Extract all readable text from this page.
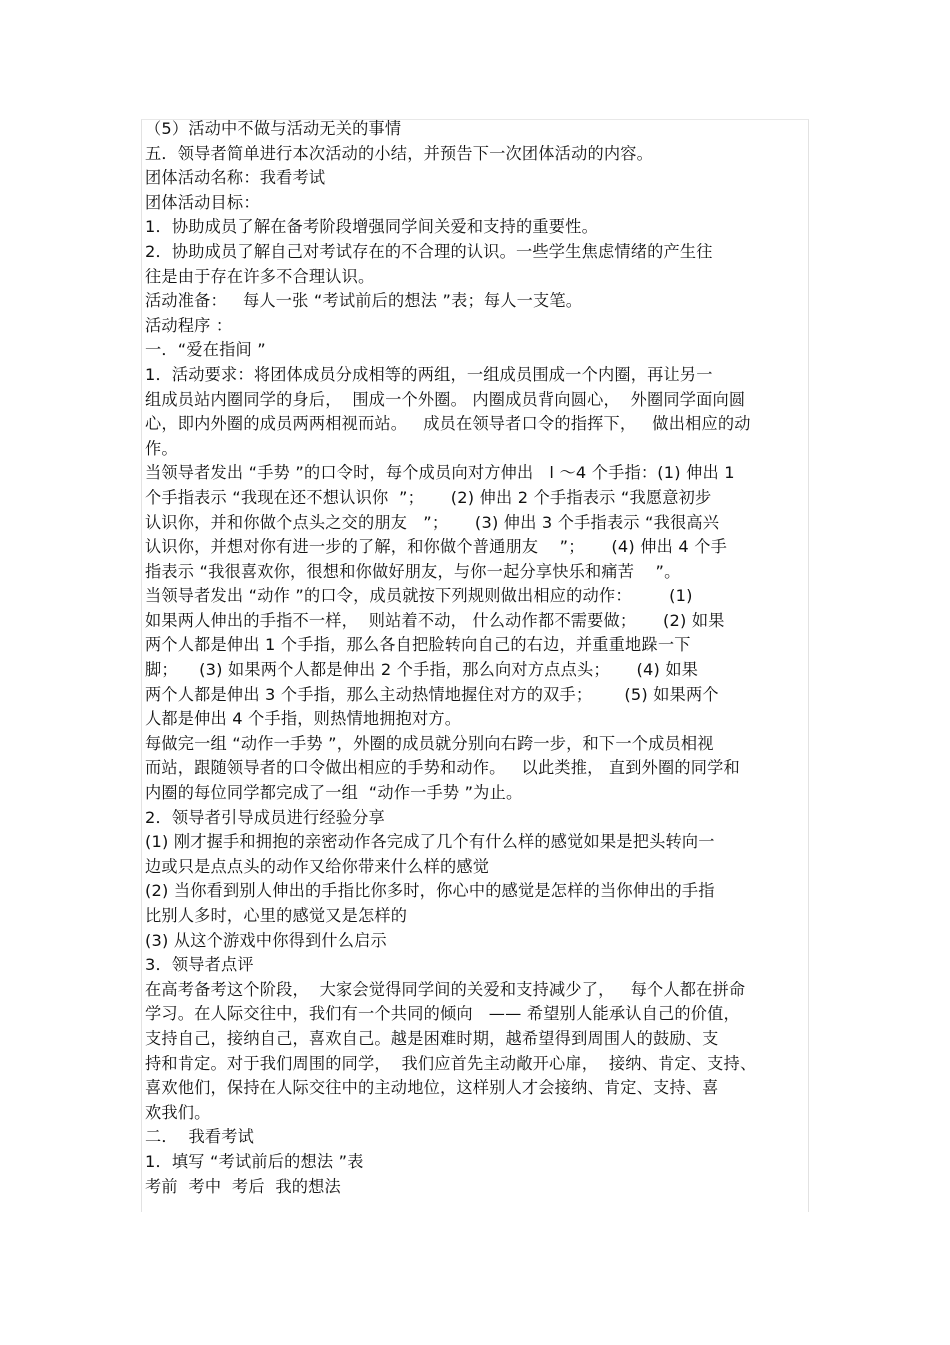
（5）活动中不做与活动无关的事情
五．领导者简单进行本次活动的小结，并预告下一次团体活动的内容。
团体活动名称：我看考试
团体活动目标：
1．协助成员了解在备考阶段增强同学间关爱和支持的重要性。
2．协助成员了解自己对考试存在的不合理的认识。一些学生焦虑情绪的产生往
往是由于存在许多不合理认识。
活动准备：   每人一张 “考试前后的想法 ”表；每人一支笔。
活动程序 ：
一．“爱在指间 ”
1．活动要求：将团体成员分成相等的两组，一组成员围成一个内圈，再让另一
组成员站内圈同学的身后，  围成一个外圈。 内圈成员背向圆心，  外圈同学面向圆
心，即内外圈的成员两两相视而站。   成员在领导者口令的指挥下，   做出相应的动
作。
当领导者发出 “手势 ”的口令时，每个成员向对方伸出   l ～4 个手指：(1) 伸出 1
个手指表示 “我现在还不想认识你  ”；     (2) 伸出 2 个手指表示 “我愿意初步
认识你，并和你做个点头之交的朋友   ”；     (3) 伸出 3 个手指表示 “我很高兴
认识你，并想对你有进一步的了解，和你做个普通朋友    ”；     (4) 伸出 4 个手
指表示 “我很喜欢你，很想和你做好朋友，与你一起分享快乐和痛苦    ”。
当领导者发出 “动作 ”的口令，成员就按下列规则做出相应的动作：       (1)
如果两人伸出的手指不一样，  则站着不动， 什么动作都不需要做；     (2) 如果
两个人都是伸出 1 个手指，那么各自把脸转向自己的右边，并重重地跺一下
脚；    (3) 如果两个人都是伸出 2 个手指，那么向对方点点头；     (4) 如果
两个人都是伸出 3 个手指，那么主动热情地握住对方的双手；      (5) 如果两个
人都是伸出 4 个手指，则热情地拥抱对方。
每做完一组 “动作一手势 ”，外圈的成员就分别向右跨一步，和下一个成员相视
而站，跟随领导者的口令做出相应的手势和动作。   以此类推， 直到外圈的同学和
内圈的每位同学都完成了一组  “动作一手势 ”为止。
2．领导者引导成员进行经验分享
(1) 刚才握手和拥抱的亲密动作各完成了几个有什么样的感觉如果是把头转向一
边或只是点点头的动作又给你带来什么样的感觉
(2) 当你看到别人伸出的手指比你多时，你心中的感觉是怎样的当你伸出的手指
比别人多时，心里的感觉又是怎样的
(3) 从这个游戏中你得到什么启示
3．领导者点评
在高考备考这个阶段，  大家会觉得同学间的关爱和支持减少了，   每个人都在拼命
学习。在人际交往中，我们有一个共同的倾向   —— 希望别人能承认自己的价值，
支持自己，接纳自己，喜欢自己。越是困难时期，越希望得到周围人的鼓励、支
持和肯定。对于我们周围的同学，  我们应首先主动敞开心扉，  接纳、肯定、支持、
喜欢他们，保持在人际交往中的主动地位，这样别人才会接纳、肯定、支持、喜
欢我们。
二．  我看考试
1．填写 “考试前后的想法 ”表
考前  考中  考后  我的想法
